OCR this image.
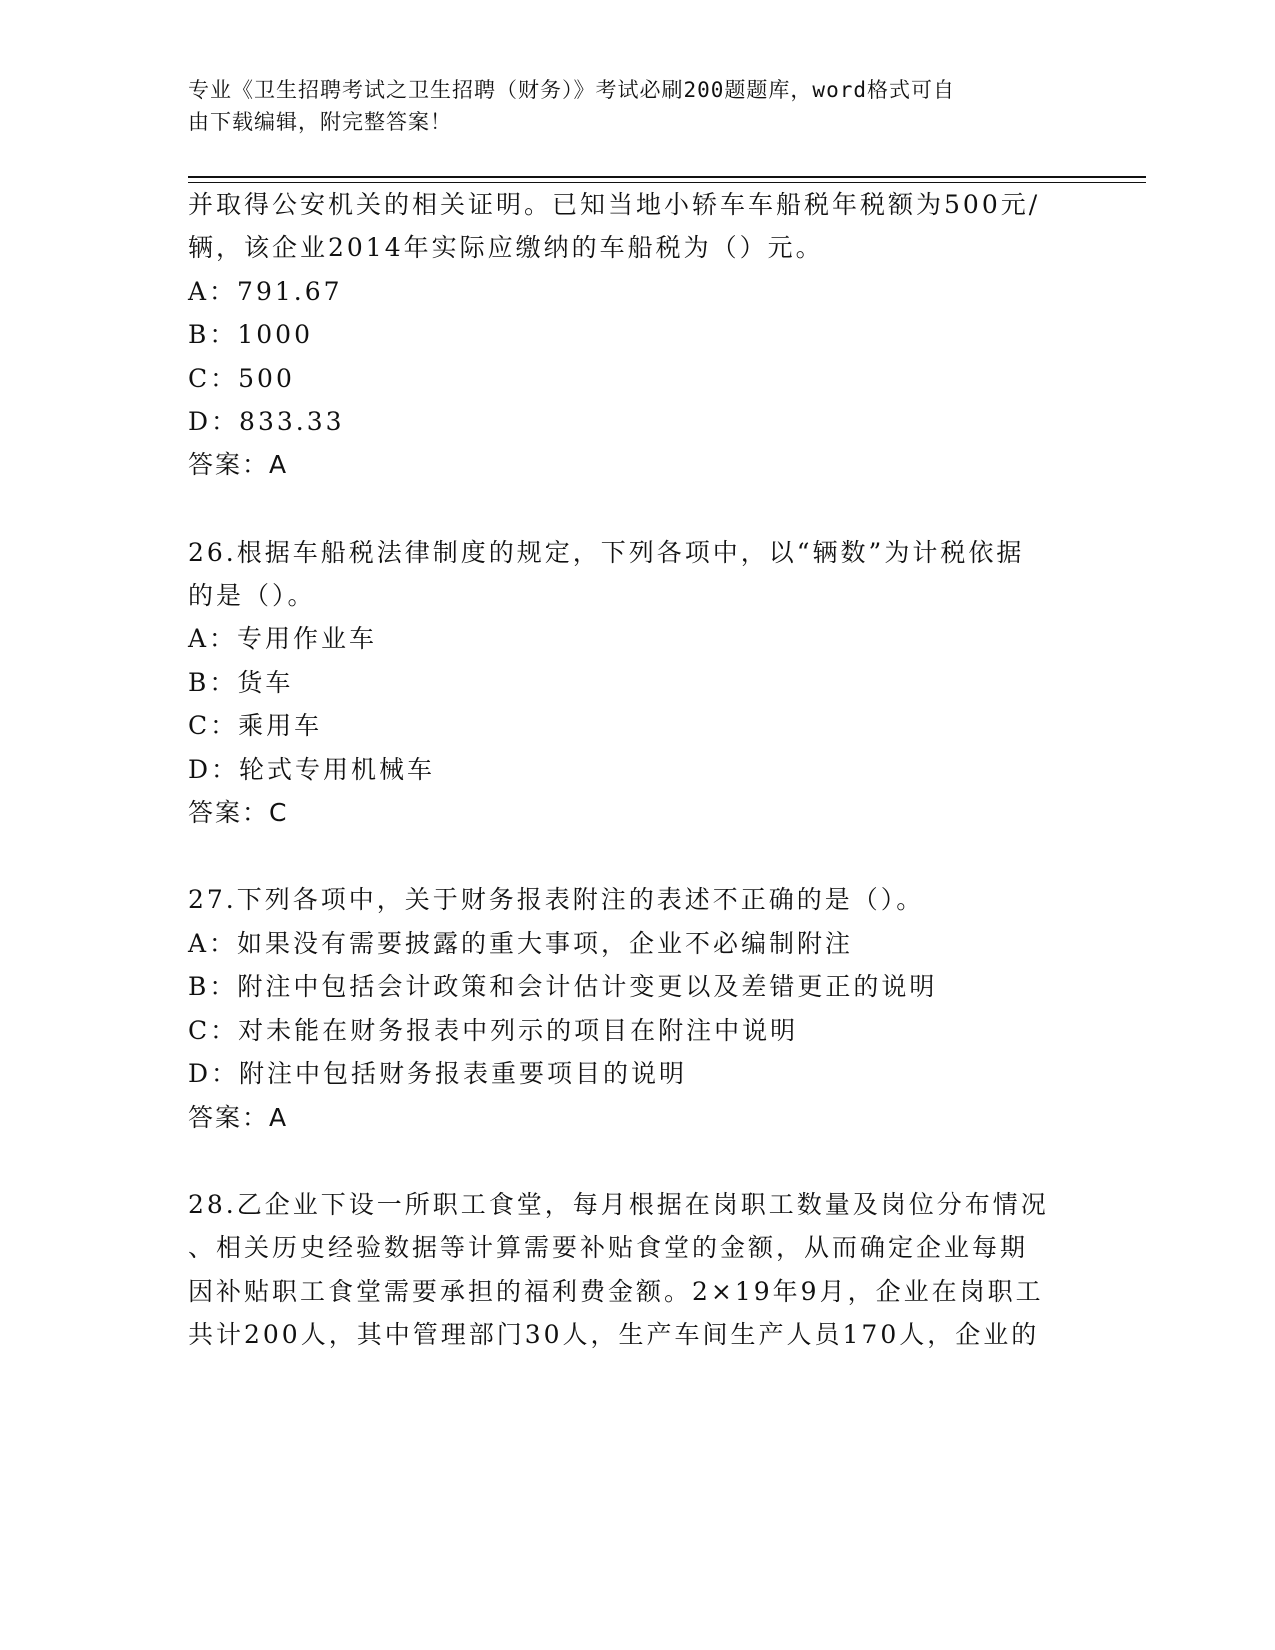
专业《卫生招聘考试之卫生招聘（财务）》考试必刷200题题库，word格式可自
由下载编辑，附完整答案！
并取得公安机关的相关证明。已知当地小轿车车船税年税额为500元/
辆，该企业2014年实际应缴纳的车船税为（）元。
A：791.67
B：1000
C：500
D：833.33
答案：A
26.根据车船税法律制度的规定，下列各项中，以“辆数”为计税依据
的是（）。
A：专用作业车
B：货车
C：乘用车
D：轮式专用机械车
答案：C
27.下列各项中，关于财务报表附注的表述不正确的是（）。
A：如果没有需要披露的重大事项，企业不必编制附注
B：附注中包括会计政策和会计估计变更以及差错更正的说明
C：对未能在财务报表中列示的项目在附注中说明
D：附注中包括财务报表重要项目的说明
答案：A
28.乙企业下设一所职工食堂，每月根据在岗职工数量及岗位分布情况
、相关历史经验数据等计算需要补贴食堂的金额，从而确定企业每期
因补贴职工食堂需要承担的福利费金额。2×19年9月，企业在岗职工
共计200人，其中管理部门30人，生产车间生产人员170人，企业的
